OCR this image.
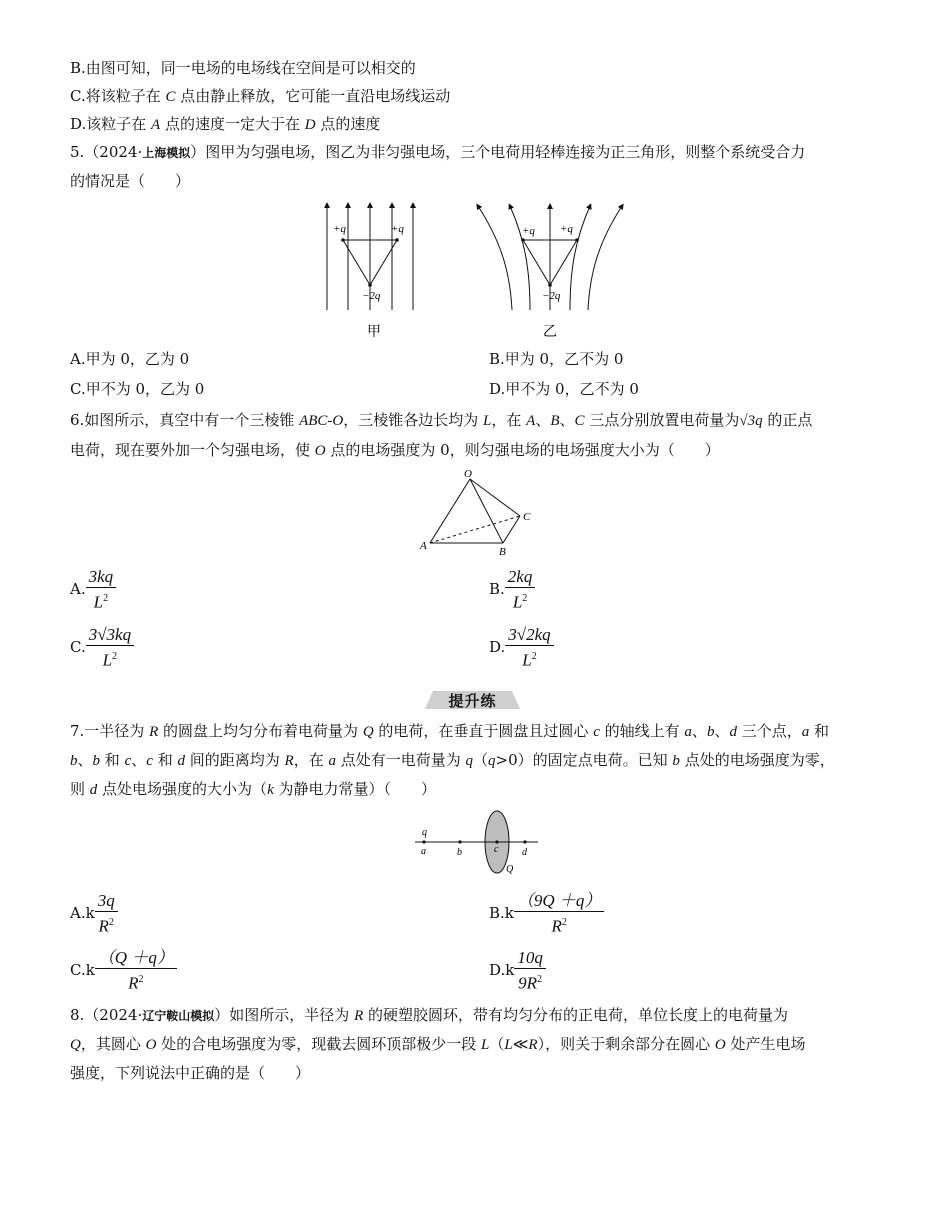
B.由图可知，同一电场的电场线在空间是可以相交的
C.将该粒子在 C 点由静止释放，它可能一直沿电场线运动
D.该粒子在 A 点的速度一定大于在 D 点的速度
5.（2024·上海模拟）图甲为匀强电场，图乙为非匀强电场，三个电荷用轻棒连接为正三角形，则整个系统受合力
的情况是（　　）
+q	+q
−2q
甲
+q +q
−2q
乙
A.甲为 0，乙为 0	B.甲为 0，乙不为 0
C.甲不为 0，乙为 0	D.甲不为 0，乙不为 0
6.如图所示，真空中有一个三棱锥 ABC-O，三棱锥各边长均为 L，在 A、B、C 三点分别放置电荷量为√3q 的正点
电荷，现在要外加一个匀强电场，使 O 点的电场强度为 0，则匀强电场的电场强度大小为（　　）
O
A	B
C
A. $\frac{3kq}{L^2}$	B. $\frac{2kq}{L^2}$
C. $\frac{3√3kq}{L^2}$	D. $\frac{3√2kq}{L^2}$
提升练
7.一半径为 R 的圆盘上均匀分布着电荷量为 Q 的电荷，在垂直于圆盘且过圆心 c 的轴线上有 a、b、d 三个点，a 和
b、b 和 c、c 和 d 间的距离均为 R，在 a 点处有一电荷量为 q（q>0）的固定点电荷。已知 b 点处的电场强度为零，
则 d 点处电场强度的大小为（k 为静电力常量）（　　）
q
a	b	c d
Q
$A.k \frac{3q}{R^2}$	$B.k \frac{(9Q +q)}{R^2}$
$C.k \frac{(Q +q)}{R^2}$	$D.k \frac{10q}{9R^2}$
8.（2024·辽宁鞍山模拟）如图所示，半径为 R 的硬塑胶圆环，带有均匀分布的正电荷，单位长度上的电荷量为
Q，其圆心 O 处的合电场强度为零，现截去圆环顶部极少一段 L（L≪R），则关于剩余部分在圆心 O 处产生电场
强度，下列说法中正确的是（　　）
